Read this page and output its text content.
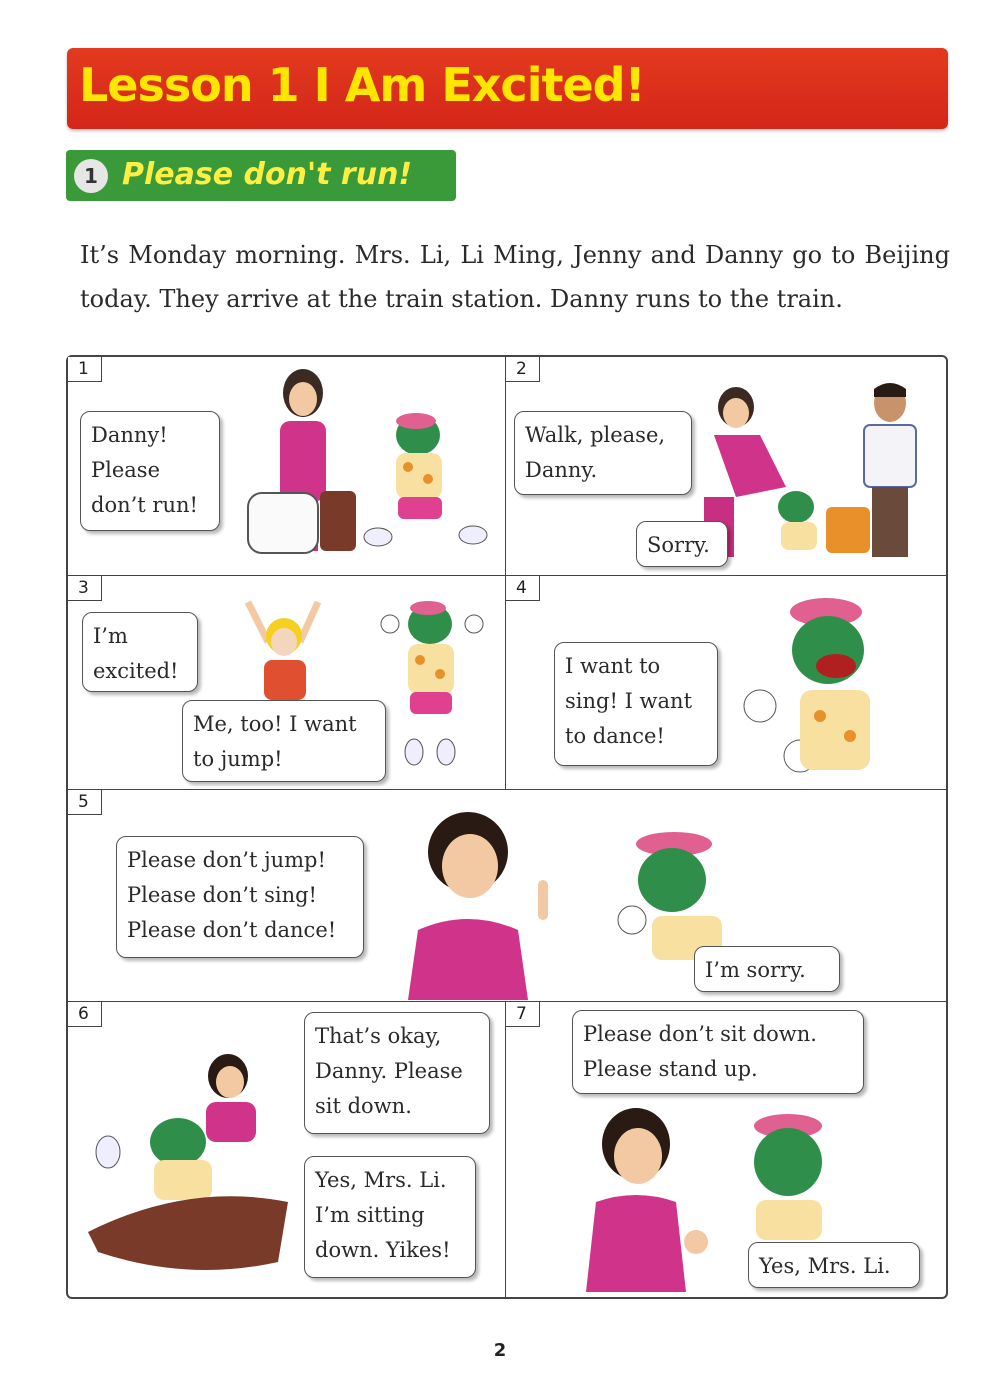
Lesson 1 I Am Excited!
1 Please don't run!
It’s Monday morning. Mrs. Li, Li Ming, Jenny and Danny go to Beijing today. They arrive at the train station. Danny runs to the train.
1
Danny!
Please
don’t run!
2
Walk, please,
Danny.
Sorry.
3
I’m
excited!
Me, too! I want
to jump!
4
I want to
sing! I want
to dance!
5
Please don’t jump!
Please don’t sing!
Please don’t dance!
I’m sorry.
6
That’s okay,
Danny. Please
sit down.
Yes, Mrs. Li.
I’m sitting
down. Yikes!
7
Please don’t sit down.
Please stand up.
Yes, Mrs. Li.
2
